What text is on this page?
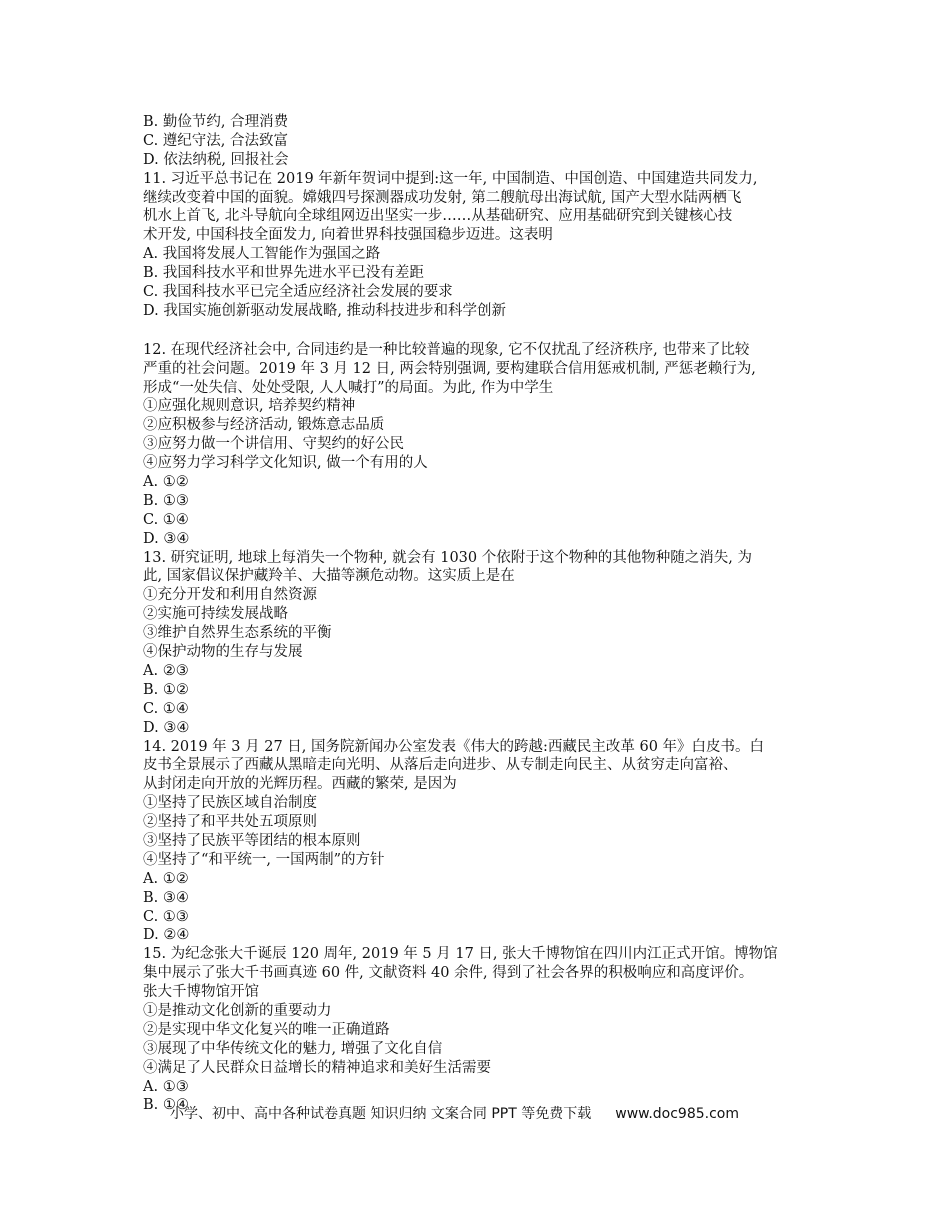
B. 勤俭节约, 合理消费
C. 遵纪守法, 合法致富
D. 依法纳税, 回报社会
11. 习近平总书记在 2019 年新年贺词中提到:这一年, 中国制造、中国创造、中国建造共同发力,
继续改变着中国的面貌。嫦娥四号探测器成功发射, 第二艘航母出海试航, 国产大型水陆两栖飞
机水上首飞, 北斗导航向全球组网迈出坚实一步……从基础研究、应用基础研究到关键核心技
术开发, 中国科技全面发力, 向着世界科技强国稳步迈进。这表明
A. 我国将发展人工智能作为强国之路
B. 我国科技水平和世界先进水平已没有差距
C. 我国科技水平已完全适应经济社会发展的要求
D. 我国实施创新驱动发展战略, 推动科技进步和科学创新
12. 在现代经济社会中, 合同违约是一种比较普遍的现象, 它不仅扰乱了经济秩序, 也带来了比较
严重的社会问题。2019 年 3 月 12 日, 两会特别强调, 要构建联合信用惩戒机制, 严惩老赖行为,
形成“一处失信、处处受限, 人人喊打”的局面。为此, 作为中学生
①应强化规则意识, 培养契约精神
②应积极参与经济活动, 锻炼意志品质
③应努力做一个讲信用、守契约的好公民
④应努力学习科学文化知识, 做一个有用的人
A. ①②
B. ①③
C. ①④
D. ③④
13. 研究证明, 地球上每消失一个物种, 就会有 1030 个依附于这个物种的其他物种随之消失, 为
此, 国家倡议保护藏羚羊、大描等濒危动物。这实质上是在
①充分开发和利用自然资源
②实施可持续发展战略
③维护自然界生态系统的平衡
④保护动物的生存与发展
A. ②③
B. ①②
C. ①④
D. ③④
14. 2019 年 3 月 27 日, 国务院新闻办公室发表《伟大的跨越:西藏民主改革 60 年》白皮书。白
皮书全景展示了西藏从黑暗走向光明、从落后走向进步、从专制走向民主、从贫穷走向富裕、
从封闭走向开放的光辉历程。西藏的繁荣, 是因为
①坚持了民族区域自治制度
②坚持了和平共处五项原则
③坚持了民族平等团结的根本原则
④坚持了“和平统一, 一国两制”的方针
A. ①②
B. ③④
C. ①③
D. ②④
15. 为纪念张大千诞辰 120 周年, 2019 年 5 月 17 日, 张大千博物馆在四川内江正式开馆。博物馆
集中展示了张大千书画真迹 60 件, 文献资料 40 余件, 得到了社会各界的积极响应和高度评价。
张大千博物馆开馆
①是推动文化创新的重要动力
②是实现中华文化复兴的唯一正确道路
③展现了中华传统文化的魅力, 增强了文化自信
④满足了人民群众日益增长的精神追求和美好生活需要
A. ①③
B. ①④
小学、初中、高中各种试卷真题 知识归纳 文案合同 PPT 等免费下载 www.doc985.com
